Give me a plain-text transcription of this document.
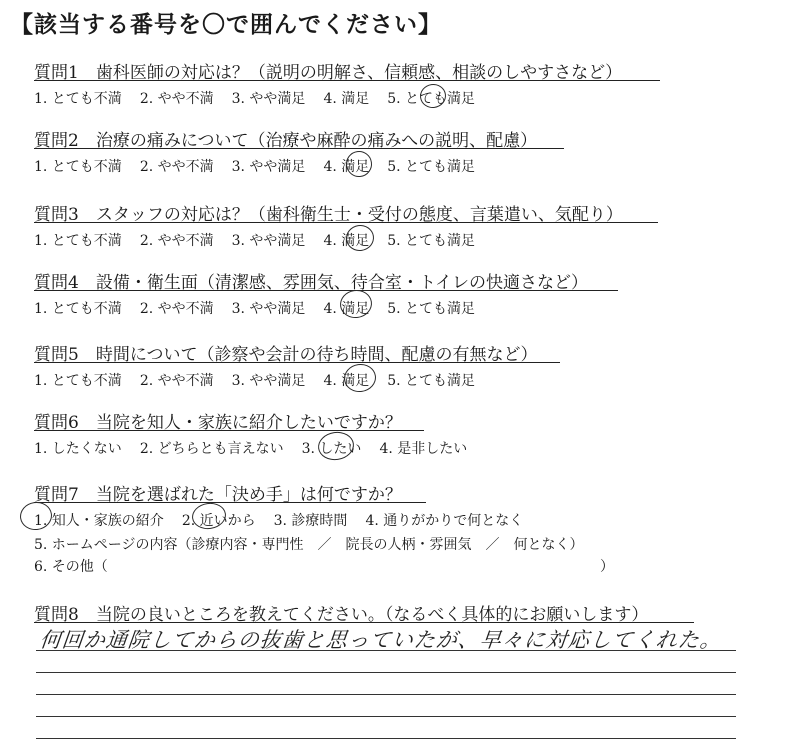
【該当する番号を〇で囲んでください】
質問1　歯科医師の対応は？（説明の明解さ、信頼感、相談のしやすさなど）
1. とても不満 2. やや不満 3. やや満足 4. 満足 5. とても満足
質問2　治療の痛みについて（治療や麻酔の痛みへの説明、配慮）
1. とても不満 2. やや不満 3. やや満足 4. 満足 5. とても満足
質問3　スタッフの対応は？（歯科衛生士・受付の態度、言葉遣い、気配り）
1. とても不満 2. やや不満 3. やや満足 4. 満足 5. とても満足
質問4　設備・衛生面（清潔感、雰囲気、待合室・トイレの快適さなど）
1. とても不満 2. やや不満 3. やや満足 4. 満足 5. とても満足
質問5　時間について（診察や会計の待ち時間、配慮の有無など）
1. とても不満 2. やや不満 3. やや満足 4. 満足 5. とても満足
質問6　当院を知人・家族に紹介したいですか？
1. したくない 2. どちらとも言えない 3. したい 4. 是非したい
質問7　当院を選ばれた「決め手」は何ですか？
1. 知人・家族の紹介 2. 近いから 3. 診療時間 4. 通りがかりで何となく
5. ホームページの内容（診療内容・専門性　／　院長の人柄・雰囲気　／　何となく）
6. その他（	）
質問8　当院の良いところを教えてください。（なるべく具体的にお願いします）
何回か通院してからの抜歯と思っていたが、早々に対応してくれた。
